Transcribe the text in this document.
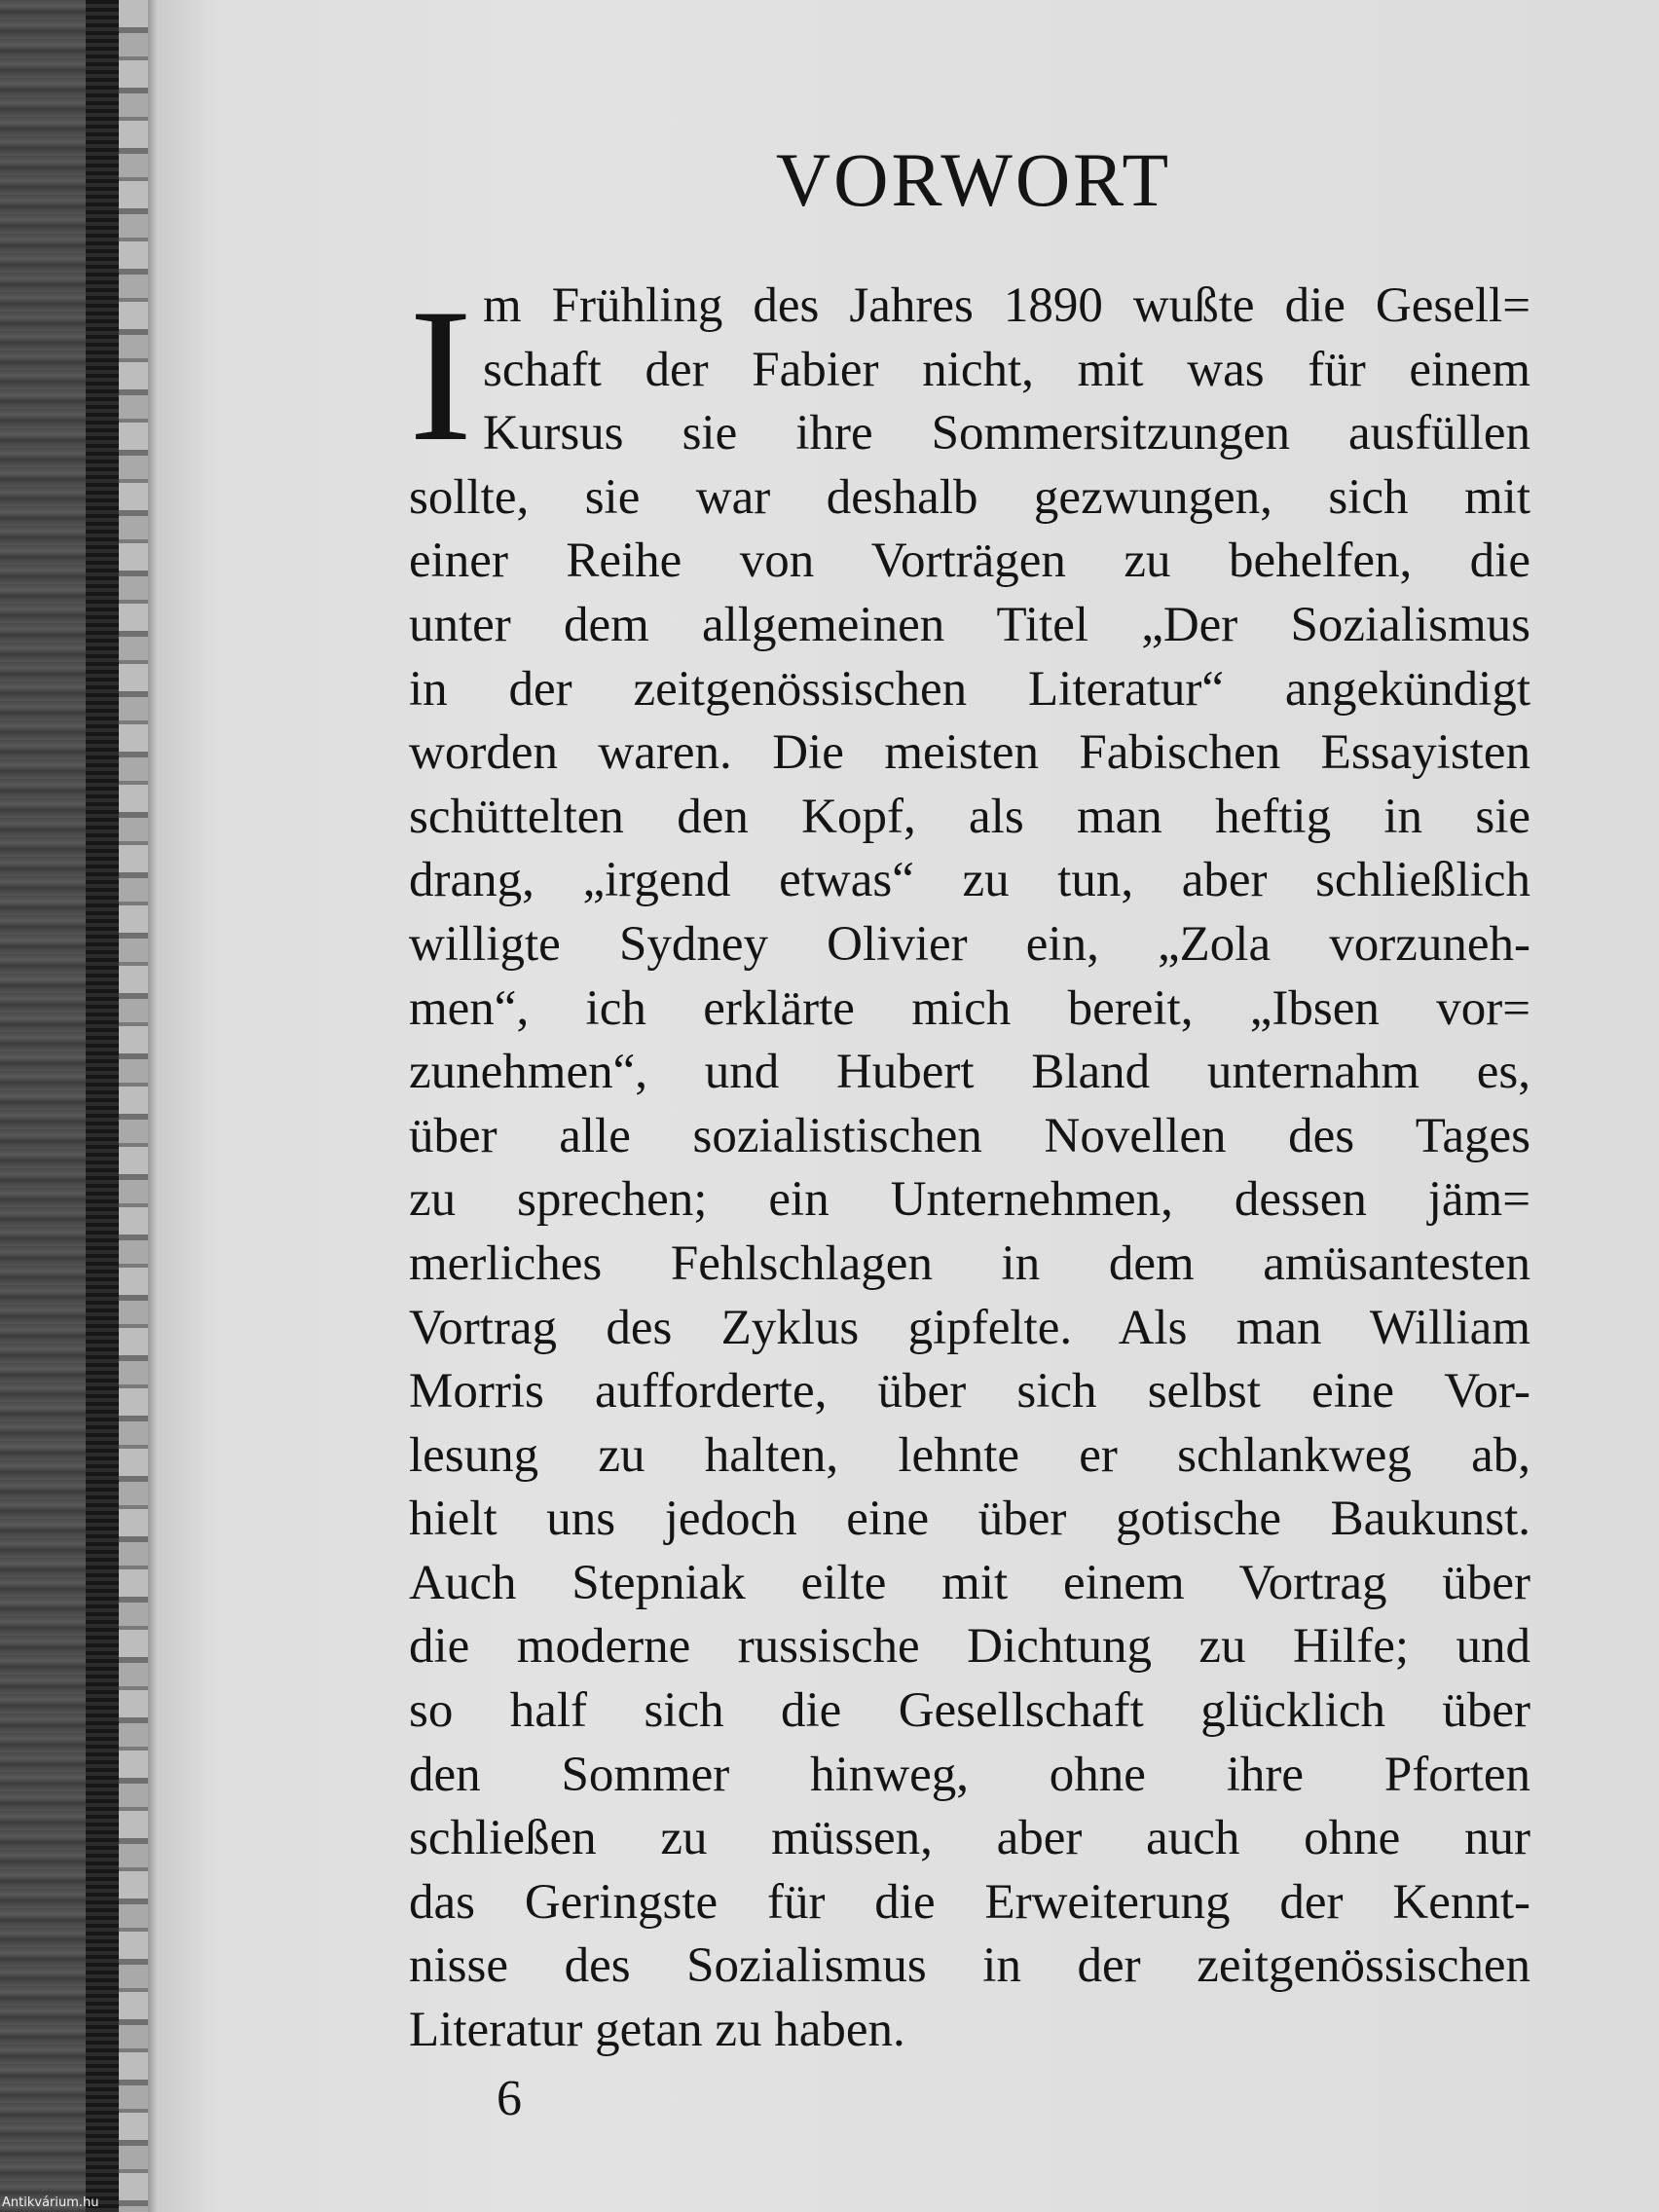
VORWORT
I m Frühling des Jahres 1890 wußte die Gesell=
schaft der Fabier nicht, mit was für einem
Kursus sie ihre Sommersitzungen ausfüllen
sollte, sie war deshalb gezwungen, sich mit
einer Reihe von Vorträgen zu behelfen, die
unter dem allgemeinen Titel „Der Sozialismus
in der zeitgenössischen Literatur“ angekündigt
worden waren. Die meisten Fabischen Essayisten
schüttelten den Kopf, als man heftig in sie
drang, „irgend etwas“ zu tun, aber schließlich
willigte Sydney Olivier ein, „Zola vorzuneh-
men“, ich erklärte mich bereit, „Ibsen vor=
zunehmen“, und Hubert Bland unternahm es,
über alle sozialistischen Novellen des Tages
zu sprechen; ein Unternehmen, dessen jäm=
merliches Fehlschlagen in dem amüsantesten
Vortrag des Zyklus gipfelte. Als man William
Morris aufforderte, über sich selbst eine Vor-
lesung zu halten, lehnte er schlankweg ab,
hielt uns jedoch eine über gotische Baukunst.
Auch Stepniak eilte mit einem Vortrag über
die moderne russische Dichtung zu Hilfe; und
so half sich die Gesellschaft glücklich über
den Sommer hinweg, ohne ihre Pforten
schließen zu müssen, aber auch ohne nur
das Geringste für die Erweiterung der Kennt-
nisse des Sozialismus in der zeitgenössischen
Literatur getan zu haben.
6
Antikvárium.hu
